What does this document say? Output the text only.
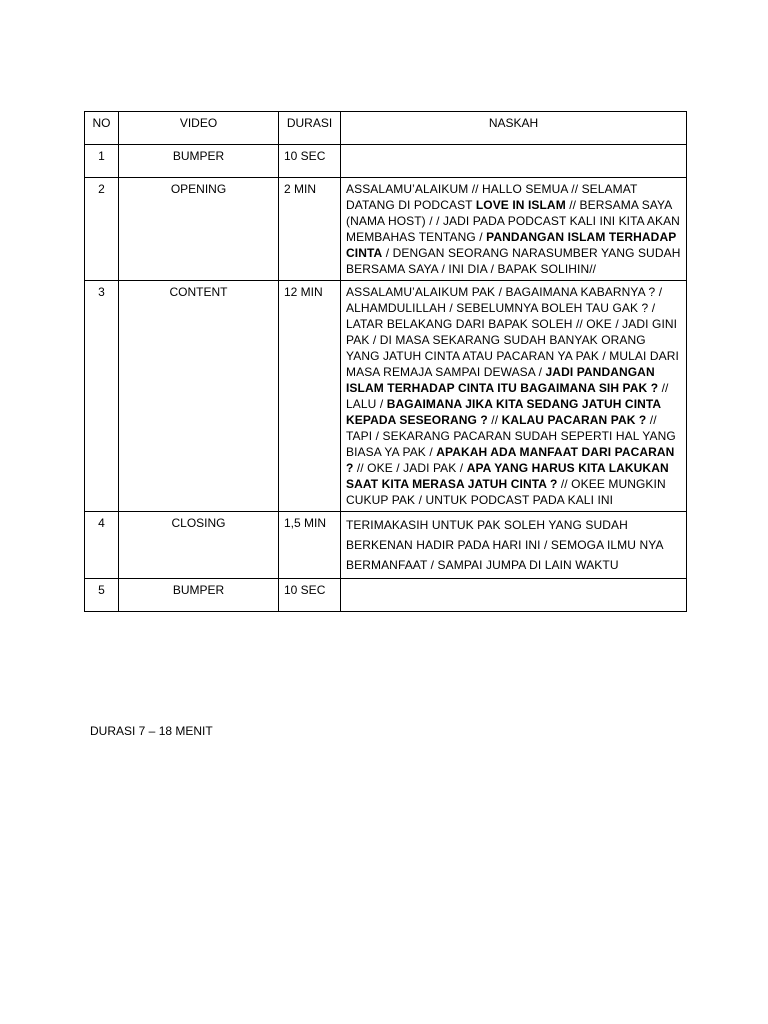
NO	VIDEO	DURASI	NASKAH
1	BUMPER	10 SEC	
2	OPENING	2 MIN	ASSALAMU’ALAIKUM // HALLO SEMUA // SELAMAT DATANG DI PODCAST LOVE IN ISLAM // BERSAMA SAYA (NAMA HOST) / / JADI PADA PODCAST KALI INI KITA AKAN MEMBAHAS TENTANG / PANDANGAN ISLAM TERHADAP CINTA / DENGAN SEORANG NARASUMBER YANG SUDAH BERSAMA SAYA / INI DIA / BAPAK SOLIHIN//
3	CONTENT	12 MIN	ASSALAMU’ALAIKUM PAK / BAGAIMANA KABARNYA ? / ALHAMDULILLAH / SEBELUMNYA BOLEH TAU GAK ? / LATAR BELAKANG DARI BAPAK SOLEH // OKE / JADI GINI PAK / DI MASA SEKARANG SUDAH BANYAK ORANG YANG JATUH CINTA ATAU PACARAN YA PAK / MULAI DARI MASA REMAJA SAMPAI DEWASA / JADI PANDANGAN ISLAM TERHADAP CINTA ITU BAGAIMANA SIH PAK ? // LALU / BAGAIMANA JIKA KITA SEDANG JATUH CINTA KEPADA SESEORANG ? // KALAU PACARAN PAK ? // TAPI / SEKARANG PACARAN SUDAH SEPERTI HAL YANG BIASA YA PAK / APAKAH ADA MANFAAT DARI PACARAN ? // OKE / JADI PAK / APA YANG HARUS KITA LAKUKAN SAAT KITA MERASA JATUH CINTA ? // OKEE MUNGKIN CUKUP PAK / UNTUK PODCAST PADA KALI INI
4	CLOSING	1,5 MIN	TERIMAKASIH UNTUK PAK SOLEH YANG SUDAH BERKENAN HADIR PADA HARI INI / SEMOGA ILMU NYA BERMANFAAT / SAMPAI JUMPA DI LAIN WAKTU
5	BUMPER	10 SEC	
DURASI 7 – 18 MENIT
